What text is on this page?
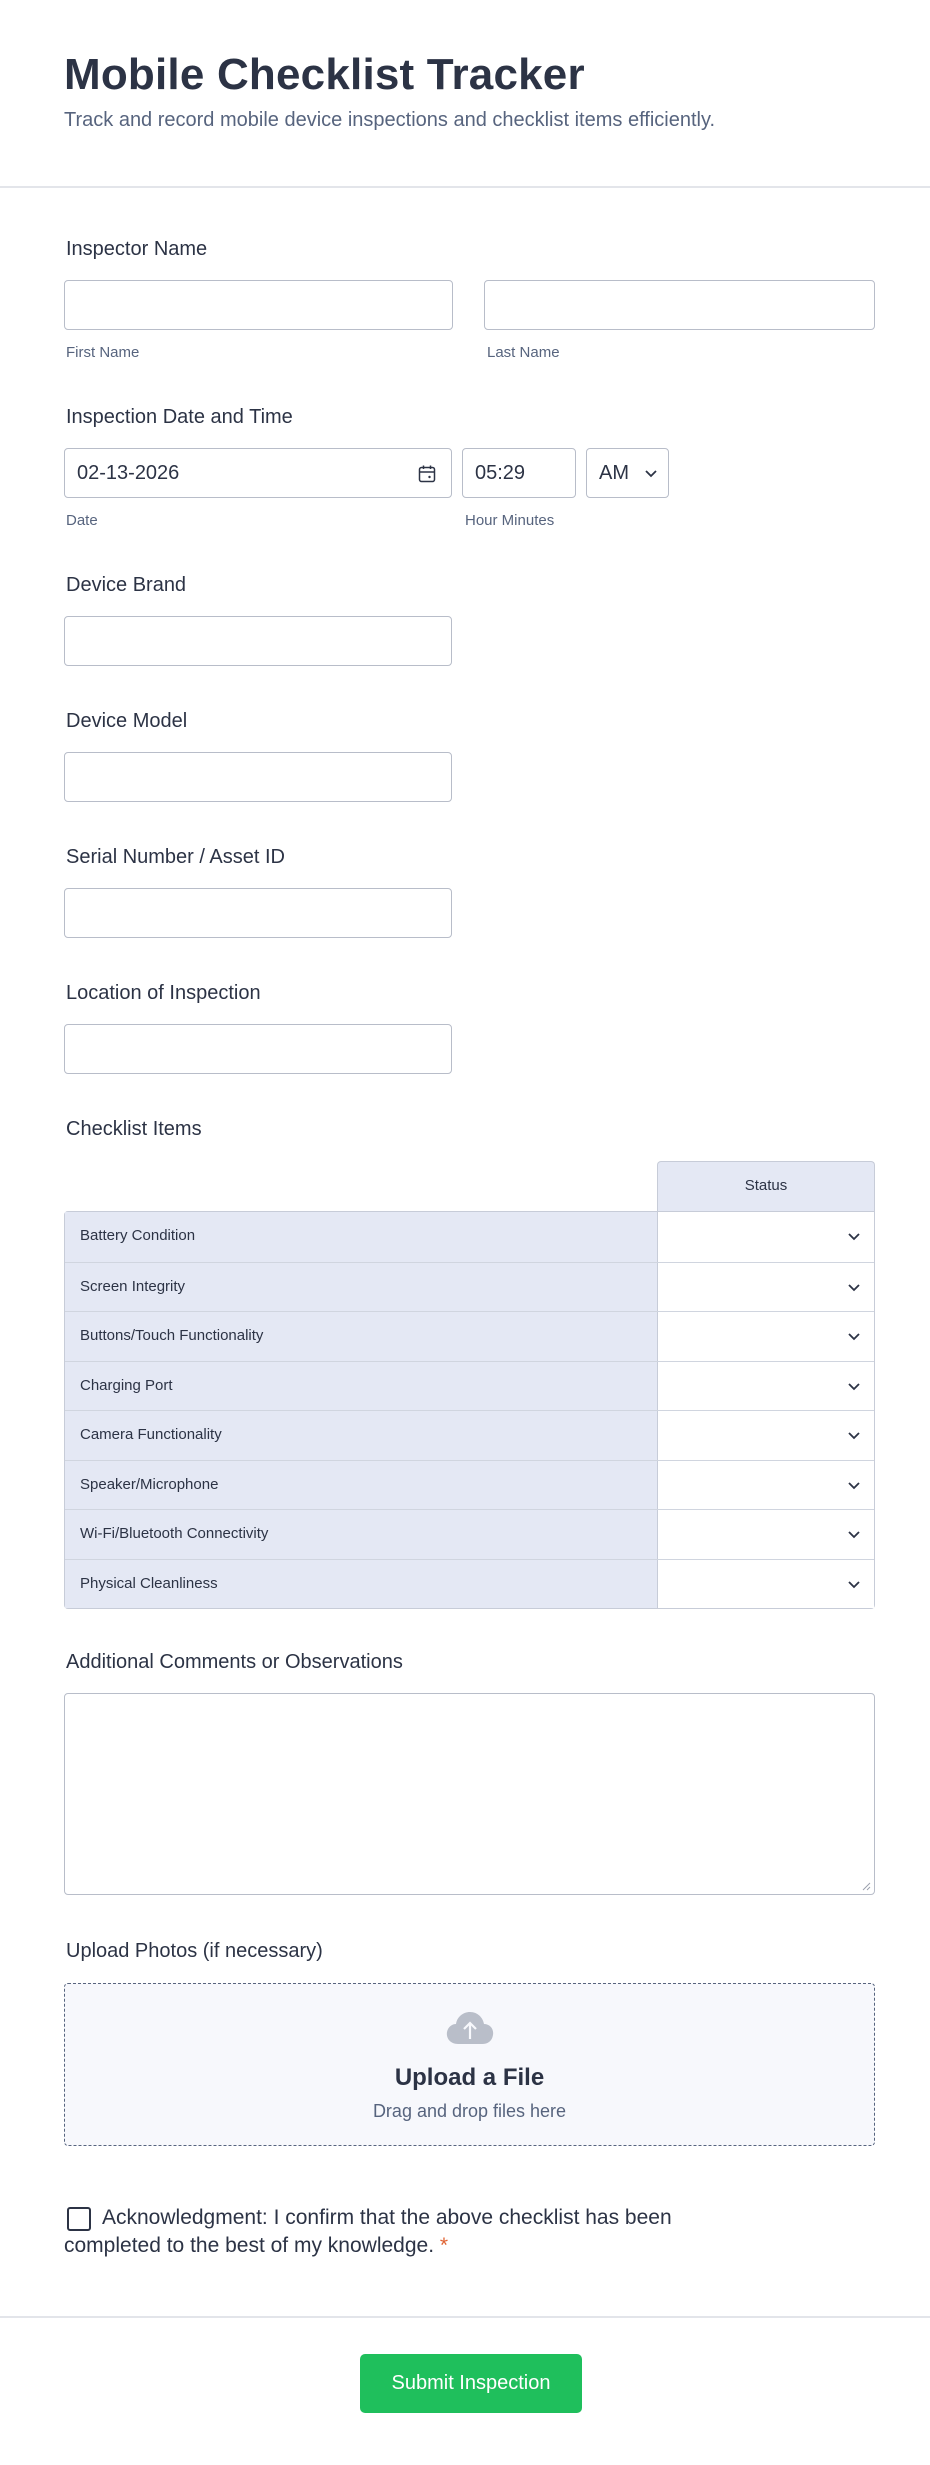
Mobile Checklist Tracker
Track and record mobile device inspections and checklist items efficiently.
Inspector Name
First Name	Last Name
Inspection Date and Time
02-13-2026	05:29	AM
Date	Hour Minutes
Device Brand
Device Model
Serial Number / Asset ID
Location of Inspection
Checklist Items
Status
Battery Condition
Screen Integrity
Buttons/Touch Functionality
Charging Port
Camera Functionality
Speaker/Microphone
Wi-Fi/Bluetooth Connectivity
Physical Cleanliness
Additional Comments or Observations
Upload Photos (if necessary)
Upload a File
Drag and drop files here
Acknowledgment: I confirm that the above checklist has been completed to the best of my knowledge. *
Submit Inspection
